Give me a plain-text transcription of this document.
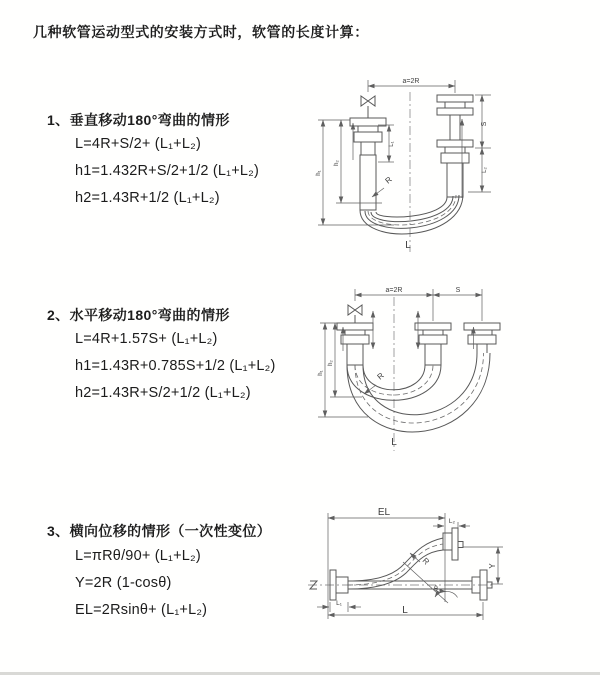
几种软管运动型式的安装方式时，软管的长度计算：
1、垂直移动180°弯曲的情形
L=4R+S/2+ (L₁+L₂)
h1=1.432R+S/2+1/2 (L₁+L₂)
h2=1.43R+1/2 (L₁+L₂)
2、水平移动180°弯曲的情形
L=4R+1.57S+ (L₁+L₂)
h1=1.43R+0.785S+1/2 (L₁+L₂)
h2=1.43R+S/2+1/2 (L₁+L₂)
3、横向位移的情形（一次性变位）
L=πRθ/90+ (L₁+L₂)
Y=2R (1-cosθ)
EL=2Rsinθ+ (L₁+L₂)
a=2R
S
L₂
L₁
h₁
h₂
R
L
a=2R	S
h₁
h₂
R
L
EL
L₂
Y
R
θ
L₁
L
